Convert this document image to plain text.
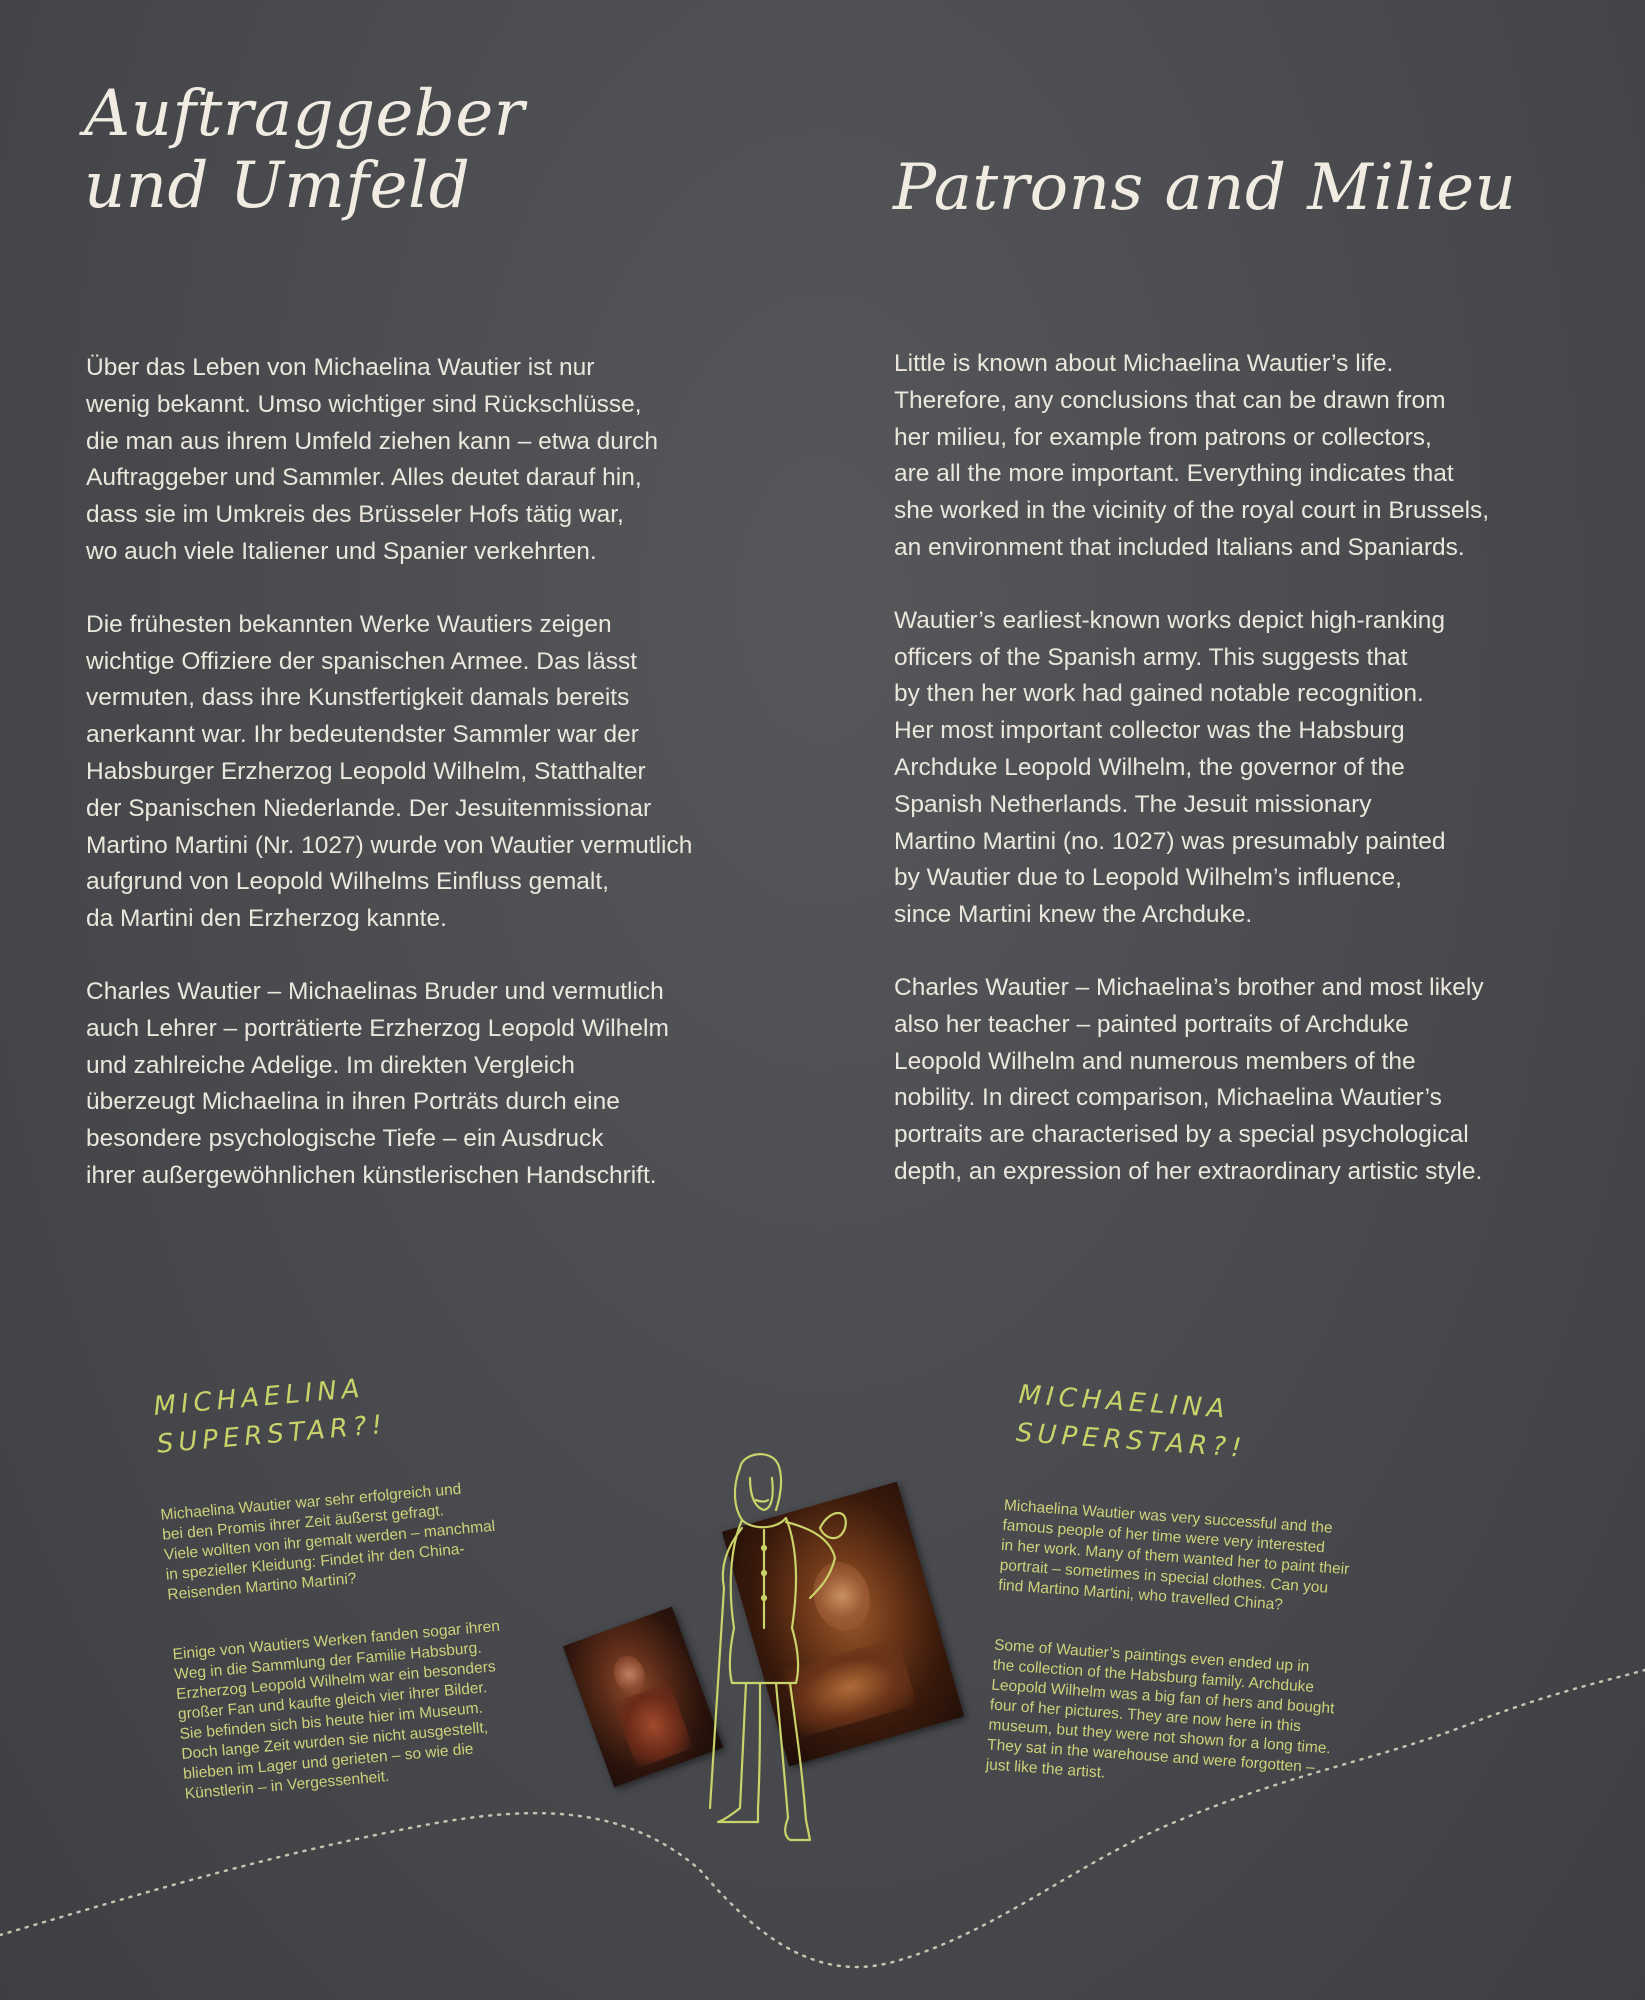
Auftraggeber
und Umfeld	Patrons and Milieu

Über das Leben von Michaelina Wautier ist nur
wenig bekannt. Umso wichtiger sind Rückschlüsse,
die man aus ihrem Umfeld ziehen kann – etwa durch
Auftraggeber und Sammler. Alles deutet darauf hin,
dass sie im Umkreis des Brüsseler Hofs tätig war,
wo auch viele Italiener und Spanier verkehrten.

Die frühesten bekannten Werke Wautiers zeigen
wichtige Offiziere der spanischen Armee. Das lässt
vermuten, dass ihre Kunstfertigkeit damals bereits
anerkannt war. Ihr bedeutendster Sammler war der
Habsburger Erzherzog Leopold Wilhelm, Statthalter
der Spanischen Niederlande. Der Jesuitenmissionar
Martino Martini (Nr. 1027) wurde von Wautier vermutlich
aufgrund von Leopold Wilhelms Einfluss gemalt,
da Martini den Erzherzog kannte.

Charles Wautier – Michaelinas Bruder und vermutlich
auch Lehrer – porträtierte Erzherzog Leopold Wilhelm
und zahlreiche Adelige. Im direkten Vergleich
überzeugt Michaelina in ihren Porträts durch eine
besondere psychologische Tiefe – ein Ausdruck
ihrer außergewöhnlichen künstlerischen Handschrift.

Little is known about Michaelina Wautier’s life.
Therefore, any conclusions that can be drawn from
her milieu, for example from patrons or collectors,
are all the more important. Everything indicates that
she worked in the vicinity of the royal court in Brussels,
an environment that included Italians and Spaniards.

Wautier’s earliest-known works depict high-ranking
officers of the Spanish army. This suggests that
by then her work had gained notable recognition.
Her most important collector was the Habsburg
Archduke Leopold Wilhelm, the governor of the
Spanish Netherlands. The Jesuit missionary
Martino Martini (no. 1027) was presumably painted
by Wautier due to Leopold Wilhelm’s influence,
since Martini knew the Archduke.

Charles Wautier – Michaelina’s brother and most likely
also her teacher – painted portraits of Archduke
Leopold Wilhelm and numerous members of the
nobility. In direct comparison, Michaelina Wautier’s
portraits are characterised by a special psychological
depth, an expression of her extraordinary artistic style.

MICHAELINA
SUPERSTAR?!

Michaelina Wautier war sehr erfolgreich und
bei den Promis ihrer Zeit äußerst gefragt.
Viele wollten von ihr gemalt werden – manchmal
in spezieller Kleidung: Findet ihr den China-
Reisenden Martino Martini?

Einige von Wautiers Werken fanden sogar ihren
Weg in die Sammlung der Familie Habsburg.
Erzherzog Leopold Wilhelm war ein besonders
großer Fan und kaufte gleich vier ihrer Bilder.
Sie befinden sich bis heute hier im Museum.
Doch lange Zeit wurden sie nicht ausgestellt,
blieben im Lager und gerieten – so wie die
Künstlerin – in Vergessenheit.

MICHAELINA
SUPERSTAR?!

Michaelina Wautier was very successful and the
famous people of her time were very interested
in her work. Many of them wanted her to paint their
portrait – sometimes in special clothes. Can you
find Martino Martini, who travelled China?

Some of Wautier’s paintings even ended up in
the collection of the Habsburg family. Archduke
Leopold Wilhelm was a big fan of hers and bought
four of her pictures. They are now here in this
museum, but they were not shown for a long time.
They sat in the warehouse and were forgotten –
just like the artist.
